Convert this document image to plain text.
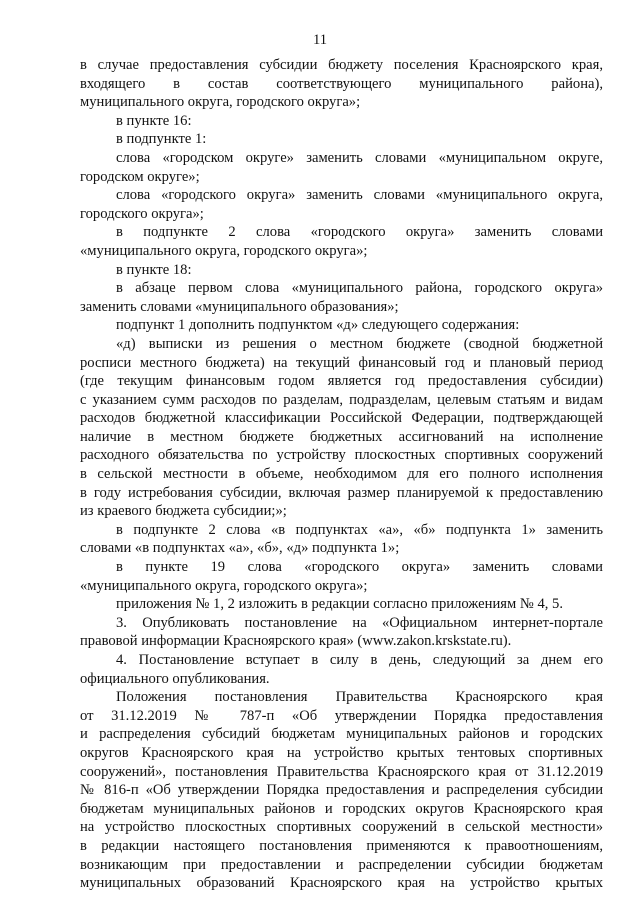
11
в случае предоставления субсидии бюджету поселения Красноярского края,
входящего в состав соответствующего муниципального района),
муниципального округа, городского округа»;
в пункте 16:
в подпункте 1:
слова «городском округе» заменить словами «муниципальном округе,
городском округе»;
слова «городского округа» заменить словами «муниципального округа,
городского округа»;
в подпункте 2 слова «городского округа» заменить словами
«муниципального округа, городского округа»;
в пункте 18:
в абзаце первом слова «муниципального района, городского округа»
заменить словами «муниципального образования»;
подпункт 1 дополнить подпунктом «д» следующего содержания:
«д) выписки из решения о местном бюджете (сводной бюджетной
росписи местного бюджета) на текущий финансовый год и плановый период
(где текущим финансовым годом является год предоставления субсидии)
с указанием сумм расходов по разделам, подразделам, целевым статьям и видам
расходов бюджетной классификации Российской Федерации, подтверждающей
наличие в местном бюджете бюджетных ассигнований на исполнение
расходного обязательства по устройству плоскостных спортивных сооружений
в сельской местности в объеме, необходимом для его полного исполнения
в году истребования субсидии, включая размер планируемой к предоставлению
из краевого бюджета субсидии;»;
в подпункте 2 слова «в подпунктах «а», «б» подпункта 1» заменить
словами «в подпунктах «а», «б», «д» подпункта 1»;
в пункте 19 слова «городского округа» заменить словами
«муниципального округа, городского округа»;
приложения № 1, 2 изложить в редакции согласно приложениям № 4, 5.
3. Опубликовать постановление на «Официальном интернет-портале
правовой информации Красноярского края» (www.zakon.krskstate.ru).
4. Постановление вступает в силу в день, следующий за днем его
официального опубликования.
Положения постановления Правительства Красноярского края
от 31.12.2019 № 787-п «Об утверждении Порядка предоставления
и распределения субсидий бюджетам муниципальных районов и городских
округов Красноярского края на устройство крытых тентовых спортивных
сооружений», постановления Правительства Красноярского края от 31.12.2019
№ 816-п «Об утверждении Порядка предоставления и распределения субсидии
бюджетам муниципальных районов и городских округов Красноярского края
на устройство плоскостных спортивных сооружений в сельской местности»
в редакции настоящего постановления применяются к правоотношениям,
возникающим при предоставлении и распределении субсидии бюджетам
муниципальных образований Красноярского края на устройство крытых
